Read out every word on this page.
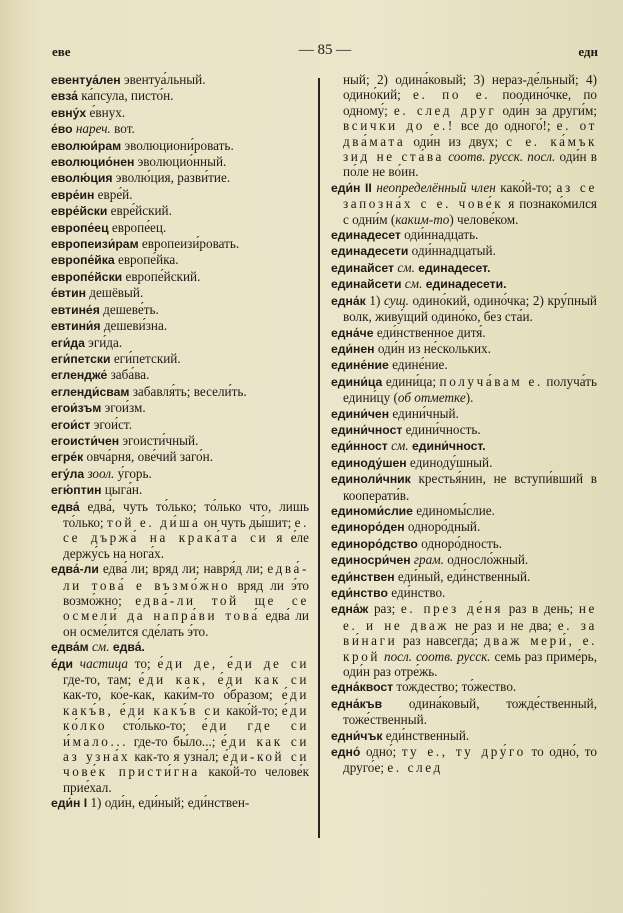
еве	— 85 —	едн

евентуа́лен эвентуа́льный.

евза́ ка́псула, писто́н.

евну́х е́внух.

е́во нареч. вот.

еволюи́рам эволюциони́ровать.

еволюцио́нен эволюцио́нный.

еволю́ция эволю́ция, разви́тие.

евре́ин евре́й.

евре́йски евре́йский.

европе́ец европе́ец.

европеизи́рам европеизи́ровать.

европе́йка европе́йка.

европе́йски европе́йский.

е́втин дешёвый.

евтине́я дешеве́ть.

евтини́я дешеви́зна.

еги́да эги́да.

еги́петски еги́петский.

еглендже́ заба́ва.

егленди́свам забавля́ть; весели́ть.

егои́зъм эгои́зм.

егои́ст эгои́ст.

егоисти́чен эгоисти́чный.

егре́к овча́рня, ове́чий заго́н.

егу́ла зоол. у́горь.

егю́птин цыга́н.

едва́ едва́, чуть то́лько; то́лько что, лишь то́лько; той е. ди́ша он чуть ды́шит; е. се държа́ на крака́та си я е́ле держу́сь на нога́х.

едва́-ли едва́ ли; вряд ли; навря́д ли; едва́-ли това́ е възмо́жно вряд ли э́то возмо́жно; едва́-ли той ще се осмели́ да напра́ви това́ едва́ ли он осме́лится сде́лать э́то.

едва́м см. едва́.

е́ди частица то; е́ди де, е́ди де си где-то, там; е́ди как, е́ди как си как-то, ко́е-как, каки́м-то о́бразом; е́ди какъ́в, е́ди какъ́в си како́й-то; е́ди ко́лко сто́лько-то; е́ди где си и́мало... где-то бы́ло...; е́ди как си аз узна́х как-то я узна́л; е́ди-кой си чове́к присти́гна како́й-то челове́к прие́хал.

еди́н I 1) оди́н, еди́ный; еди́нствен-

ный; 2) одина́ковый; 3) нераз-де́льный; 4) одино́кий; е. по е. поодино́чке, по одному́; е. след друг оди́н за други́м; всички до е.! все до одного́!; е. от два́мата оди́н из двух; с е. ка́мък зид не ста́ва соотв. русск. посл. оди́н в по́ле не во́ин.

еди́н II неопределённый член како́й-то; аз се запозна́х с е. чове́к я познако́мился с одни́м (каким-то) челове́ком.

единадесет оди́ннадцать.

единадесети оди́ннадцатый.

единайсет см. единадесет.

единайсети см. единадесети.

една́к 1) сущ. одино́кий, одино́чка; 2) кру́пный волк, живу́щий одино́ко, без ста́и.

една́че еди́нственное дитя́.

еди́нен оди́н из не́скольких.

едине́ние едине́ние.

едини́ца едини́ца; получа́вам е. получа́ть едини́цу (об отметке).

едини́чен едини́чный.

едини́чност едини́чность.

еди́нност см. едини́чност.

единоду́шен единоду́шный.

единоли́чник крестья́нин, не вступи́вший в кооперати́в.

единоми́слие единомы́слие.

единоро́ден одноро́дный.

единоро́дство одноро́дность.

единосри́чен грам. односло́жный.

еди́нствен еди́ный, еди́нственный.

еди́нство еди́нство.

една́ж раз; е. през де́ня раз в день; не е. и не дваж не раз и не два; е. за ви́наги раз навсегда́; дваж мери́, е. крой посл. соотв. русск. семь раз приме́рь, оди́н раз отре́жь.

една́квост то́ждество; то́жество.

една́къв одина́ковый, тожде́ственный, тоже́ственный.

едни́чък еди́нственный.

едно́ одно́; ту е., ту дру́го то одно́, то друго́е; е. след
